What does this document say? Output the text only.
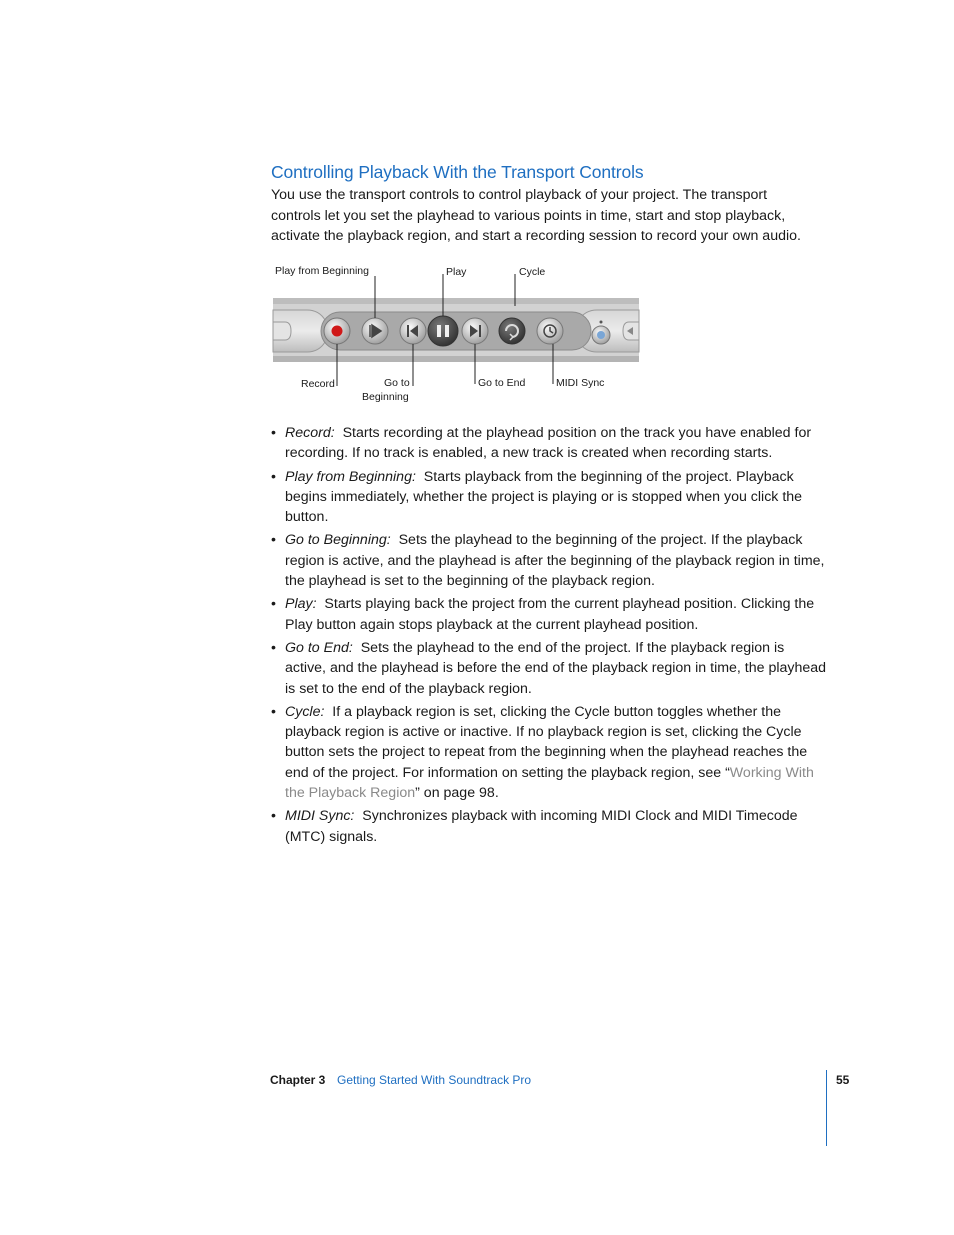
Controlling Playback With the Transport Controls

You use the transport controls to control playback of your project. The transport controls let you set the playhead to various points in time, start and stop playback, activate the playback region, and start a recording session to record your own audio.

Play from Beginning	Play	Cycle
Record	Go to
Beginning
Go to End	MIDI Sync
• Record:  Starts recording at the playhead position on the track you have enabled for recording. If no track is enabled, a new track is created when recording starts.
• Play from Beginning:  Starts playback from the beginning of the project. Playback begins immediately, whether the project is playing or is stopped when you click the button.
• Go to Beginning:  Sets the playhead to the beginning of the project. If the playback region is active, and the playhead is after the beginning of the playback region in time, the playhead is set to the beginning of the playback region.
• Play:  Starts playing back the project from the current playhead position. Clicking the Play button again stops playback at the current playhead position.
• Go to End:  Sets the playhead to the end of the project. If the playback region is active, and the playhead is before the end of the playback region in time, the playhead is set to the end of the playback region.
• Cycle:  If a playback region is set, clicking the Cycle button toggles whether the playback region is active or inactive. If no playback region is set, clicking the Cycle button sets the project to repeat from the beginning when the playhead reaches the end of the project. For information on setting the playback region, see “Working With the Playback Region” on page 98.
• MIDI Sync:  Synchronizes playback with incoming MIDI Clock and MIDI Timecode (MTC) signals.
Chapter 3 Getting Started With Soundtrack Pro	55
